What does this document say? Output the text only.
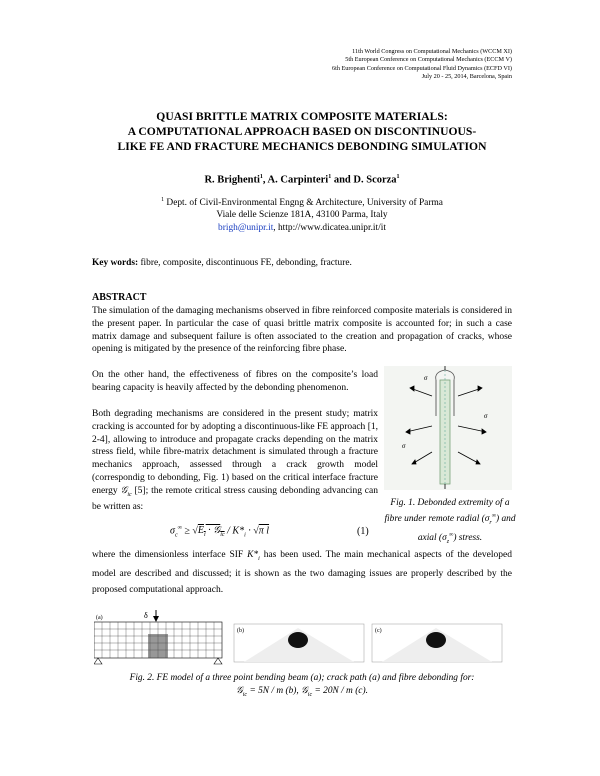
11th World Congress on Computational Mechanics (WCCM XI)
5th European Conference on Computational Mechanics (ECCM V)
6th European Conference on Computational Fluid Dynamics (ECFD VI)
July 20 - 25, 2014, Barcelona, Spain
QUASI BRITTLE MATRIX COMPOSITE MATERIALS:
A COMPUTATIONAL APPROACH BASED ON DISCONTINUOUS-
LIKE FE AND FRACTURE MECHANICS DEBONDING SIMULATION
R. Brighenti$^1$, A. Carpinteri$^1$ and D. Scorza$^1$
$^1$ Dept. of Civil-Environmental Engng & Architecture, University of Parma
Viale delle Scienze 181A, 43100 Parma, Italy
brigh@unipr.it, http://www.dicatea.unipr.it/it
Key words: fibre, composite, discontinuous FE, debonding, fracture.
ABSTRACT
The simulation of the damaging mechanisms observed in fibre reinforced composite materials is considered in the present paper. In particular the case of quasi brittle matrix composite is accounted for; in such a case matrix damage and subsequent failure is often associated to the creation and propagation of cracks, whose opening is mitigated by the presence of the reinforcing fibre phase.
On the other hand, the effectiveness of fibres on the composite’s load bearing capacity is heavily affected by the debonding phenomenon.
Both degrading mechanisms are considered in the present study; matrix cracking is accounted for by adopting a discontinuous-like FE approach [1, 2-4], allowing to introduce and propagate cracks depending on the matrix stress field, while fibre-matrix detachment is simulated through a fracture mechanics approach, assessed through a crack growth model (correspondig to debonding, Fig. 1) based on the critical interface fracture energy 𝒢$_{ic}$ [5]; the remote critical stress causing debonding advancing can be written as:
$\sigma_c^\infty \ge √E_i$ · 𝒢$_{ic}$ / $K*_i \cdot √\pi$ l	(1)
where the dimensionless interface SIF $K*_i$ has been used. The main mechanical aspects of the developed model are described and discussed; it is shown as the two damaging issues are properly described by the proposed computational approach.
σ
σ
σ
Fig. 1. Debonded extremity of a fibre under remote radial $(\sigma_r^\infty)$ and axial $(\sigma_z^\infty)$ stress.
(a)	δ
(b)	(c)
Fig. 2. FE model of a three point bending beam (a); crack path (a) and fibre debonding for:
𝒢$_{ic}$ = 5N / m (b), 𝒢$_{ic}$ = 20N / m (c).
